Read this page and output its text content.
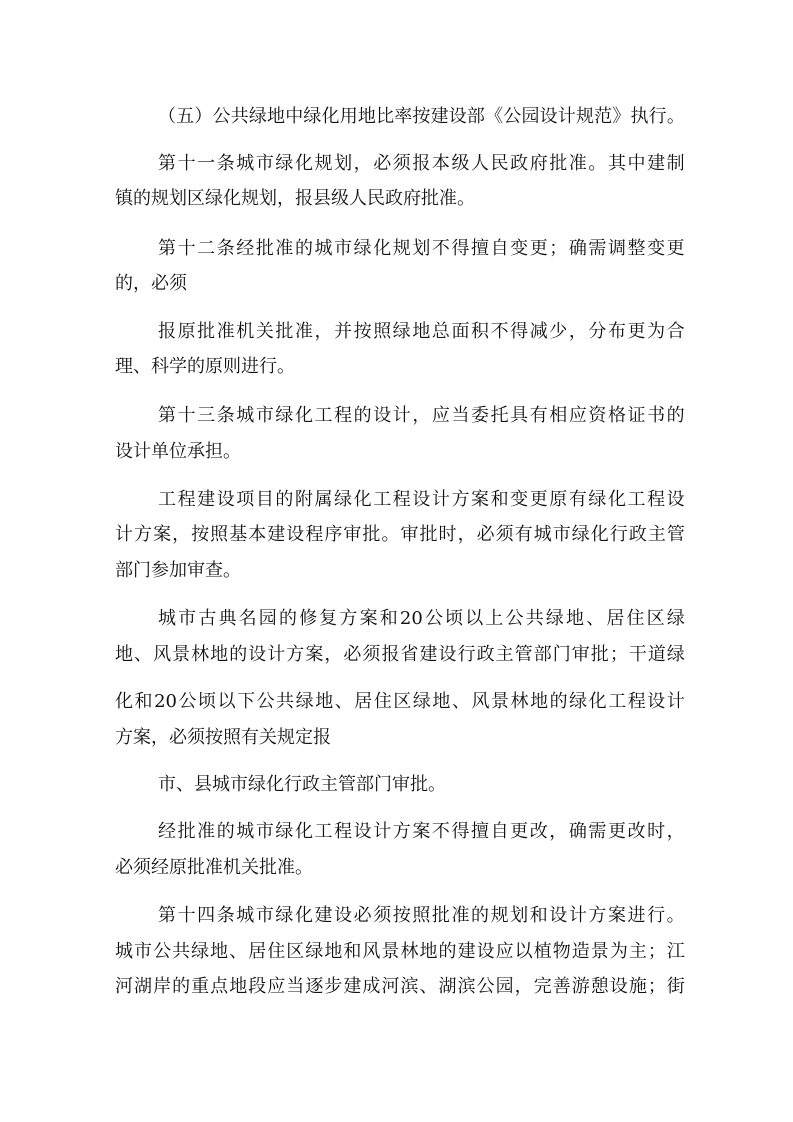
（ 五 ） 公 共 绿 地 中 绿 化 用 地 比 率 按 建 设 部 《 公 园 设 计 规 范 》 执 行 。
第 十 一 条 城 市 绿 化 规 划 ， 必 须 报 本 级 人 民 政 府 批 准 。 其 中 建 制
镇的规划区绿化规划，报县级人民政府批准。
第 十 二 条 经 批 准 的 城 市 绿 化 规 划 不 得 擅 自 变 更 ； 确 需 调 整 变 更
的，必须
报 原 批 准 机 关 批 准 ， 并 按 照 绿 地 总 面 积 不 得 减 少 ， 分 布 更 为 合
理、科学的原则进行。
第 十 三 条 城 市 绿 化 工 程 的 设 计 ， 应 当 委 托 具 有 相 应 资 格 证 书 的
设计单位承担。
工 程 建 设 项 目 的 附 属 绿 化 工 程 设 计 方 案 和 变 更 原 有 绿 化 工 程 设
计 方 案 ， 按 照 基 本 建 设 程 序 审 批 。 审 批 时 ， 必 须 有 城 市 绿 化 行 政 主 管
部门参加审查。
城 市 古 典 名 园 的 修 复 方 案 和 20 公 顷 以 上 公 共 绿 地 、 居 住 区 绿
地 、 风 景 林 地 的 设 计 方 案 ， 必 须 报 省 建 设 行 政 主 管 部 门 审 批 ； 干 道 绿
化 和 20 公 顷 以 下 公 共 绿 地 、 居 住 区 绿 地 、 风 景 林 地 的 绿 化 工 程 设 计
方案，必须按照有关规定报
市、县城市绿化行政主管部门审批。
经 批 准 的 城 市 绿 化 工 程 设 计 方 案 不 得 擅 自 更 改 ， 确 需 更 改 时 ，
必须经原批准机关批准。
第 十 四 条 城 市 绿 化 建 设 必 须 按 照 批 准 的 规 划 和 设 计 方 案 进 行 。
城 市 公 共 绿 地 、 居 住 区 绿 地 和 风 景 林 地 的 建 设 应 以 植 物 造 景 为 主 ； 江
河 湖 岸 的 重 点 地 段 应 当 逐 步 建 成 河 滨 、 湖 滨 公 园 ， 完 善 游 憩 设 施 ； 街
